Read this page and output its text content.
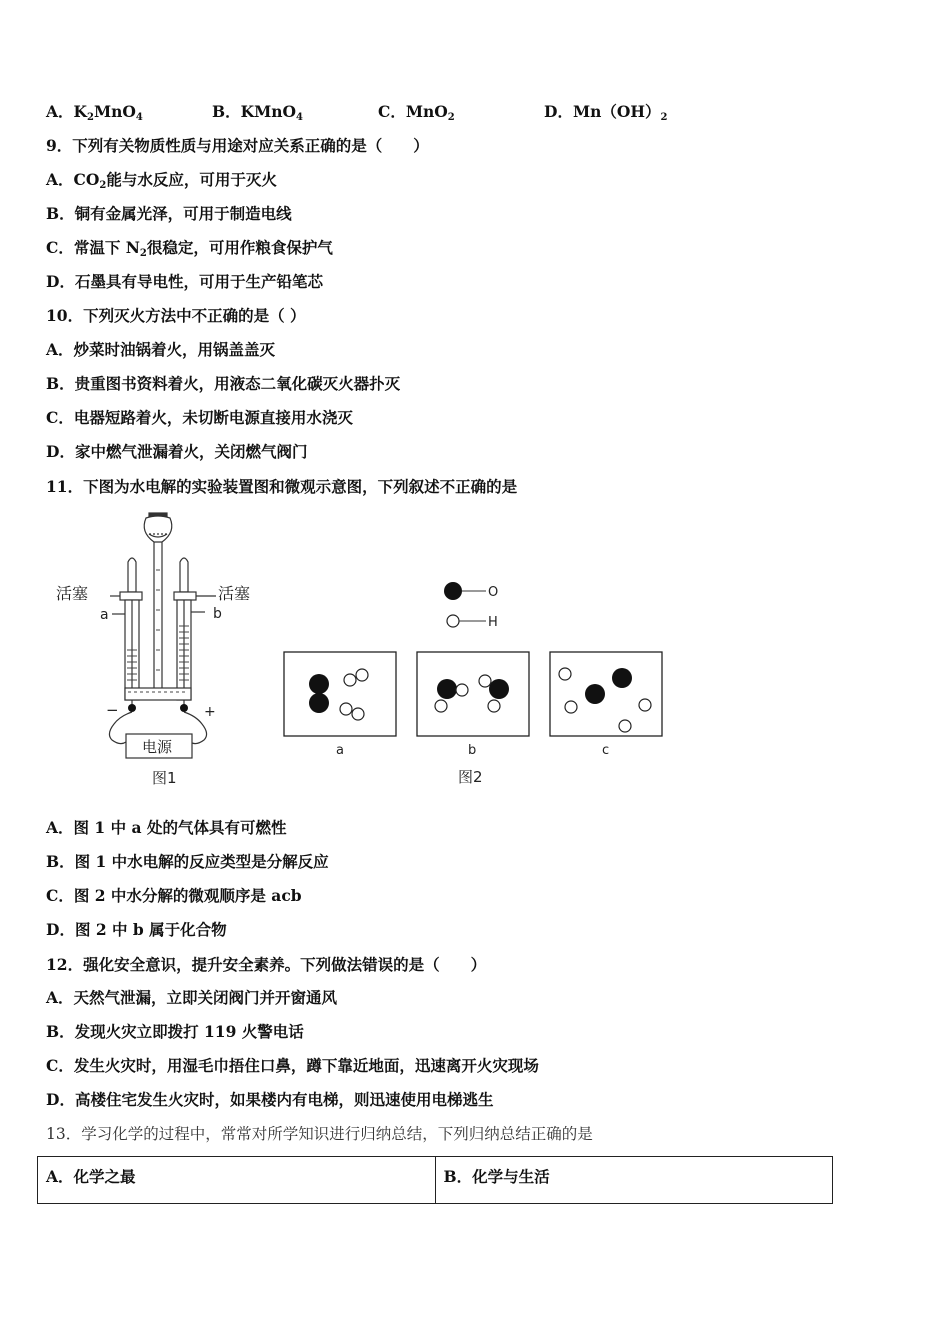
A．$K_2MnO_4$	B．KMnO$_4$	C．MnO$_2$	D．$Mn(OH)_2$
9．下列有关物质性质与用途对应关系正确的是（　　）
A．$CO_2$能与水反应，可用于灭火
B．铜有金属光泽，可用于制造电线
C．常温下 $N_2$很稳定，可用作粮食保护气
D．石墨具有导电性，可用于生产铅笔芯
10．下列灭火方法中不正确的是（ ）
A．炒菜时油锅着火，用锅盖盖灭
B．贵重图书资料着火，用液态二氧化碳灭火器扑灭
C．电器短路着火，未切断电源直接用水浇灭
D．家中燃气泄漏着火，关闭燃气阀门
11．下图为水电解的实验装置图和微观示意图，下列叙述不正确的是
活塞	活塞
a	b
−	+
电源
图1
O
H
a	b	c
图2
A．图 1 中 a 处的气体具有可燃性
B．图 1 中水电解的反应类型是分解反应
C．图 2 中水分解的微观顺序是 acb
D．图 2 中 b 属于化合物
12．强化安全意识，提升安全素养。下列做法错误的是（　　）
A．天然气泄漏，立即关闭阀门并开窗通风
B．发现火灾立即拨打 119 火警电话
C．发生火灾时，用湿毛巾捂住口鼻，蹲下靠近地面，迅速离开火灾现场
D．高楼住宅发生火灾时，如果楼内有电梯，则迅速使用电梯逃生
13．学习化学的过程中，常常对所学知识进行归纳总结，下列归纳总结正确的是
A．化学之最	B．化学与生活
